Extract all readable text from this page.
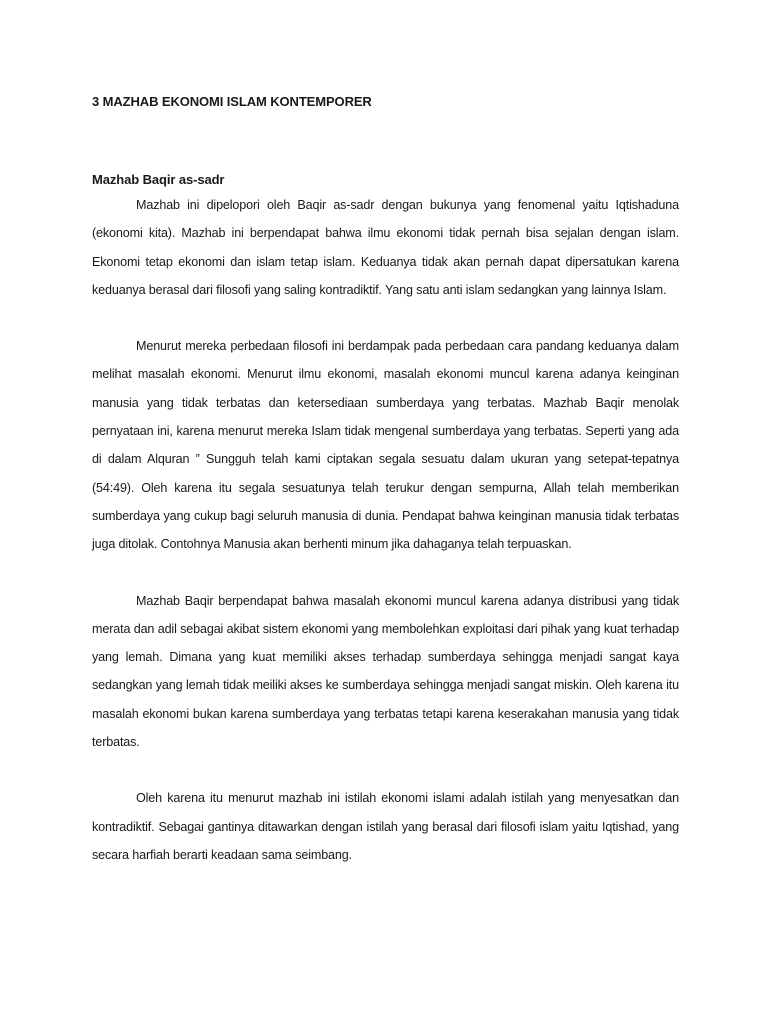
3 MAZHAB EKONOMI ISLAM KONTEMPORER

Mazhab Baqir as-sadr

Mazhab ini dipelopori oleh Baqir as-sadr dengan bukunya yang fenomenal yaitu Iqtishaduna (ekonomi kita). Mazhab ini berpendapat bahwa ilmu ekonomi tidak pernah bisa sejalan dengan islam. Ekonomi tetap ekonomi dan islam tetap islam. Keduanya tidak akan pernah dapat dipersatukan karena keduanya berasal dari filosofi yang saling kontradiktif. Yang satu anti islam sedangkan yang lainnya Islam.

Menurut mereka perbedaan filosofi ini berdampak pada perbedaan cara pandang keduanya dalam melihat masalah ekonomi. Menurut ilmu ekonomi, masalah ekonomi muncul karena adanya keinginan manusia yang tidak terbatas dan ketersediaan sumberdaya yang terbatas. Mazhab Baqir menolak pernyataan ini, karena menurut mereka Islam tidak mengenal sumberdaya yang terbatas. Seperti yang ada di dalam Alquran ” Sungguh telah kami ciptakan segala sesuatu dalam ukuran yang setepat-tepatnya (54:49). Oleh karena itu segala sesuatunya telah terukur dengan sempurna, Allah telah memberikan sumberdaya yang cukup bagi seluruh manusia di dunia. Pendapat bahwa keinginan manusia tidak terbatas juga ditolak. Contohnya Manusia akan berhenti minum jika dahaganya telah terpuaskan.

Mazhab Baqir berpendapat bahwa masalah ekonomi muncul karena adanya distribusi yang tidak merata dan adil sebagai akibat sistem ekonomi yang membolehkan exploitasi dari pihak yang kuat terhadap yang lemah. Dimana yang kuat memiliki akses terhadap sumberdaya sehingga menjadi sangat kaya sedangkan yang lemah tidak meiliki akses ke sumberdaya sehingga menjadi sangat miskin. Oleh karena itu masalah ekonomi bukan karena sumberdaya yang terbatas tetapi karena keserakahan manusia yang tidak terbatas.

Oleh karena itu menurut mazhab ini istilah ekonomi islami adalah istilah yang menyesatkan dan kontradiktif. Sebagai gantinya ditawarkan dengan istilah yang berasal dari filosofi islam yaitu Iqtishad, yang secara harfiah berarti keadaan sama seimbang.
